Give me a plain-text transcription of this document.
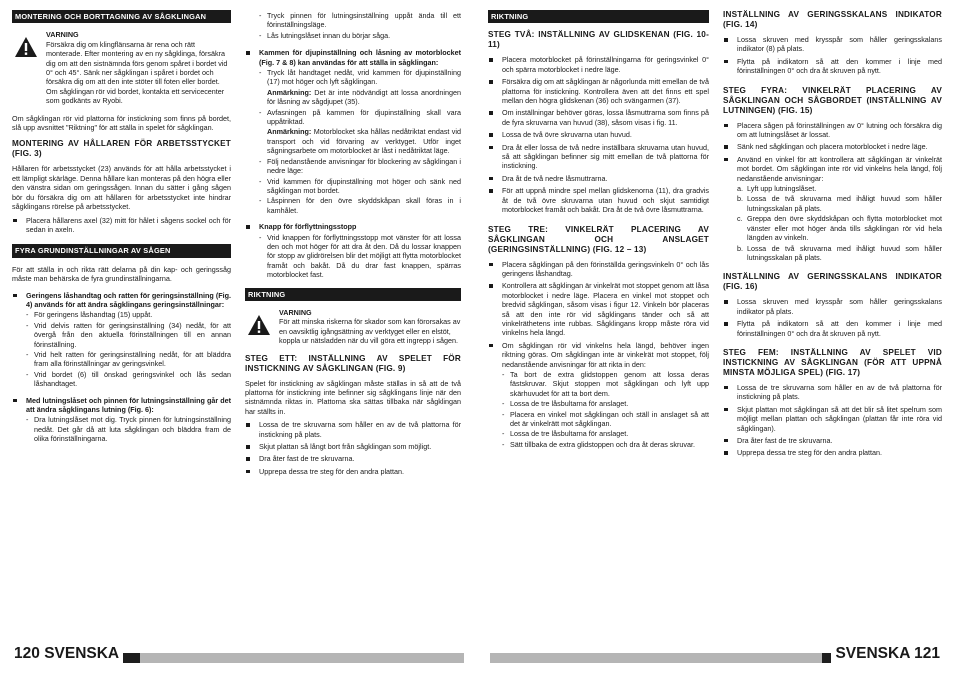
MONTERING OCH BORTTAGNING AV SÅGKLINGAN
VARNING
Försäkra dig om klingflänsarna är rena och rätt monterade. Efter montering av en ny sågklinga, försäkra dig om att den sistnämnda förs genom spåret i bordet vid 0° och 45°. Sänk ner sågklingan i spåret i bordet och försäkra dig om att den inte stöter till foten eller bordet. Om sågklingan rör vid bordet, kontakta ett servicecenter som godkänts av Ryobi.

Om sågklingan rör vid plattorna för instickning som finns på bordet, slå upp avsnittet "Riktning" för att ställa in spelet för sågklingan.

MONTERING AV HÅLLAREN FÖR ARBETSSTYCKET (FIG. 3)

Hållaren för arbetsstycket (23) används för att hålla arbetsstycket i ett lämpligt skärläge. Denna hållare kan monteras på den högra eller den vänstra sidan om geringssågen. Innan du sätter i gång sågen bör du försäkra dig om att hållaren för arbetsstycket inte hindrar sågklingans rörelse på arbetsstycket.

Placera hållarens axel (32) mitt för hålet i sågens sockel och för sedan in axeln.
FYRA GRUNDINSTÄLLNINGAR AV SÅGEN

För att ställa in och rikta rätt delarna på din kap- och geringssåg måste man behärska de fyra grundinställningarna.

Geringens låshandtag och ratten för geringsinställning (Fig. 4) används för att ändra sågklingans geringsinställningar:
- För geringens låshandtag (15) uppåt.
- Vrid delvis ratten för geringsinställning (34) nedåt, för att övergå från den aktuella förinställningen till en annan förinställning.
- Vrid helt ratten för geringsinställning nedåt, för att bläddra fram alla förinställningar av geringsvinkel.
- Vrid bordet (6) till önskad geringsvinkel och lås sedan låshandtaget.
Med lutningslåset och pinnen för lutningsinställning går det att ändra sågklingans lutning (Fig. 6):
- Dra lutningslåset mot dig. Tryck pinnen för lutningsinställning nedåt. Det går då att luta sågklingan och bläddra fram de olika förinställningarna.
- Tryck pinnen för lutningsinställning uppåt ända till ett förinställningsläge.
- Lås lutningslåset innan du börjar såga.
Kammen för djupinställning och låsning av motorblocket (Fig. 7 & 8) kan användas för att ställa in sågklingan:
- Tryck låt handtaget nedåt, vrid kammen för djupinställning (17) mot höger och lyft sågklingan.
Anmärkning: Det är inte nödvändigt att lossa anordningen för låsning av sågdjupet (35).
- Avfasningen på kammen för djupinställning skall vara uppåtriktad.
Anmärkning: Motorblocket ska hållas nedåtriktat endast vid transport och vid förvaring av verktyget. Utför inget sågningsarbete om motorblocket är låst i nedåtriktat läge.
- Följ nedanstående anvisningar för blockering av sågklingan i nedre läge:
- Vrid kammen för djupinställning mot höger och sänk ned sågklingan mot bordet.
- Låspinnen för den övre skyddskåpan skall föras in i kamhålet.
Knapp för förflyttningsstopp
- Vrid knappen för förflyttningsstopp mot vänster för att lossa den och mot höger för att dra åt den. Då du lossar knappen för stopp av glidrörelsen blir det möjligt att flytta motorblocket framåt och bakåt. Då du drar fast knappen, spärras motorblocket fast.
RIKTNING
VARNING
För att minska riskerna för skador som kan förorsakas av en oavsiktlig igångsättning av verktyget eller en elstöt, koppla ur nätsladden när du vill göra ett ingrepp i sågen.
STEG ETT: INSTÄLLNING AV SPELET FÖR INSTICKNING AV SÅGKLINGAN (FIG. 9)

Spelet för instickning av sågklingan måste ställas in så att de två plattorna för instickning inte befinner sig sågklingans linje när den sistnämnda riktas in. Plattorna ska sättas tillbaka när sågklingan har ställts in.

Lossa de tre skruvarna som håller en av de två plattorna för instickning på plats.
Skjut plattan så långt bort från sågklingan som möjligt.
Dra åter fast de tre skruvarna.
Upprepa dessa tre steg för den andra plattan.
RIKTNING
STEG TVÅ: INSTÄLLNING AV GLIDSKENAN (FIG. 10-11)
Placera motorblocket på förinställningarna för geringsvinkel 0° och spärra motorblocket i nedre läge.
Försäkra dig om att sågklingan är någorlunda mitt emellan de två plattorna för instickning. Kontrollera även att det finns ett spel mellan den högra glidskenan (36) och svängarmen (37).
Om inställningar behöver göras, lossa låsmuttrarna som finns på de fyra skruvarna van huvud (38), såsom visas i fig. 11.
Lossa de två övre skruvarna utan huvud.
Dra åt eller lossa de två nedre inställbara skruvarna utan huvud, så att sågklingan befinner sig mitt emellan de två plattorna för instickning.
Dra åt de två nedre låsmuttrarna.
För att uppnå mindre spel mellan glidskenorna (11), dra gradvis åt de två övre skruvarna utan huvud och skjut samtidigt motorblocket framåt och bakåt. Dra åt de två övre låsmuttrarna.
STEG TRE: VINKELRÄT PLACERING AV SÅGKLINGAN OCH ANSLAGET (GERINGSINSTÄLLNING) (FIG. 12 – 13)
Placera sågklingan på den förinställda geringsvinkeln 0° och lås geringens låshandtag.
Kontrollera att sågklingan är vinkelrät mot stoppet genom att låsa motorblocket i nedre läge. Placera en vinkel mot stoppet och bredvid sågklingan, såsom visas i figur 12. Vinkeln bör placeras så att den inte rör vid sågklingans tänder och så att vinkelräthetens inte rubbas. Sågklingans kropp måste röra vid vinkelns hela längd.
Om sågklingan rör vid vinkelns hela längd, behöver ingen riktning göras. Om sågklingan inte är vinkelrät mot stoppet, följ nedanstående anvisningar för att rikta in den:
- Ta bort de extra glidstoppen genom att lossa deras fästskruvar. Skjut stoppen mot sågklingan och lyft upp skärhuvudet för att ta bort dem.
- Lossa de tre låsbultarna för anslaget.
- Placera en vinkel mot sågklingan och ställ in anslaget så att det är vinkelrätt mot sågklingan.
- Lossa de tre låsbultarna för anslaget.
- Sätt tillbaka de extra glidstoppen och dra åt deras skruvar.
INSTÄLLNING AV GERINGSSKALANS INDIKATOR (FIG. 14)
Lossa skruven med krysspår som håller geringsskalans indikator (8) på plats.
Flytta på indikatorn så att den kommer i linje med förinställningen 0° och dra åt skruven på nytt.
STEG FYRA: VINKELRÄT PLACERING AV SÅGKLINGAN OCH SÅGBORDET (INSTÄLLNING AV LUTNINGEN) (FIG. 15)
Placera sågen på förinställningen av 0° lutning och försäkra dig om att lutningslåset är lossat.
Sänk ned sågklingan och placera motorblocket i nedre läge.
Använd en vinkel för att kontrollera att sågklingan är vinkelrät mot bordet. Om sågklingan inte rör vid vinkelns hela längd, följ nedanstående anvisningar:
a. Lyft upp lutningslåset.
b. Lossa de två skruvarna med ihåligt huvud som håller lutningsskalan på plats.
c. Greppa den övre skyddskåpan och flytta motorblocket mot vänster eller mot höger ända tills sågklingan rör vid hela längden av vinkeln.
b. Lossa de två skruvarna med ihåligt huvud som håller lutningsskalan på plats.
INSTÄLLNING AV GERINGSSKALANS INDIKATOR (FIG. 16)
Lossa skruven med krysspår som håller geringsskalans indikator på plats.
Flytta på indikatorn så att den kommer i linje med förinställningen 0° och dra åt skruven på nytt.
STEG FEM: INSTÄLLNING AV SPELET VID INSTICKNING AV SÅGKLINGAN (FÖR ATT UPPNÅ MINSTA MÖJLIGA SPEL) (FIG. 17)
Lossa de tre skruvarna som håller en av de två plattorna för instickning på plats.
Skjut plattan mot sågklingan så att det blir så litet spelrum som möjligt mellan plattan och sågklingan (plattan får inte röra vid sågklingan).
Dra åter fast de tre skruvarna.
Upprepa dessa tre steg för den andra plattan.
120 SVENSKA	SVENSKA 121
